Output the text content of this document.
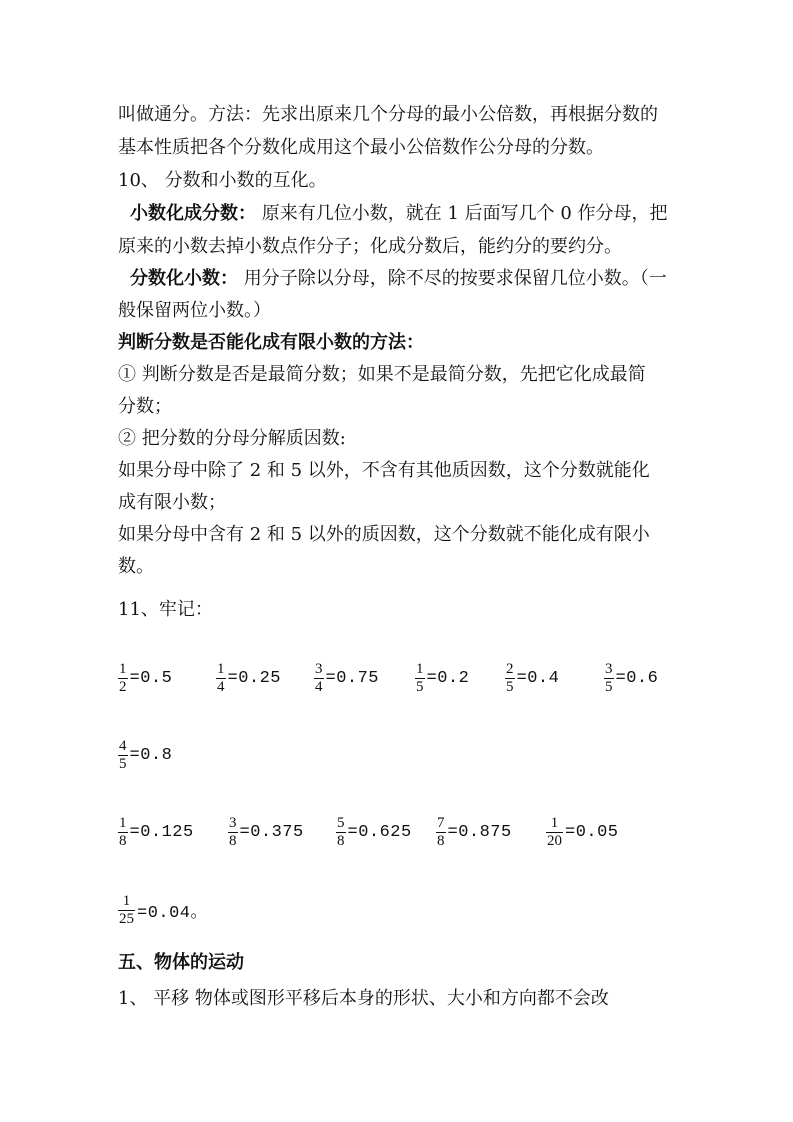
叫做通分。方法：先求出原来几个分母的最小公倍数，再根据分数的
基本性质把各个分数化成用这个最小公倍数作公分母的分数。
10、 分数和小数的互化。
小数化成分数： 原来有几位小数，就在 1 后面写几个 0 作分母，把
原来的小数去掉小数点作分子；化成分数后，能约分的要约分。
分数化小数： 用分子除以分母，除不尽的按要求保留几位小数。（一
般保留两位小数。）
判断分数是否能化成有限小数的方法：
① 判断分数是否是最简分数；如果不是最简分数，先把它化成最简
分数；
② 把分数的分母分解质因数:
如果分母中除了 2 和 5 以外，不含有其他质因数，这个分数就能化
成有限小数；
如果分母中含有 2 和 5 以外的质因数，这个分数就不能化成有限小
数。
11、牢记：
$\frac{1}{2} =0.5$	$\frac{1}{4} =0.25 \frac{3}{4} =0.75 \frac{1}{5} =0.2 \frac{2}{5} =0.4$	$\frac{3}{5} =0.6$
$\frac{4}{5} =0.8$
$\frac{1}{8} =0.125 \frac{3}{8} =0.375 \frac{5}{8} =0.625 \frac{7}{8} =0.875 \frac{1}{20} =0.05$
$\frac{1}{25} =0.04$。
五、物体的运动
1、 平移 物体或图形平移后本身的形状、大小和方向都不会改
